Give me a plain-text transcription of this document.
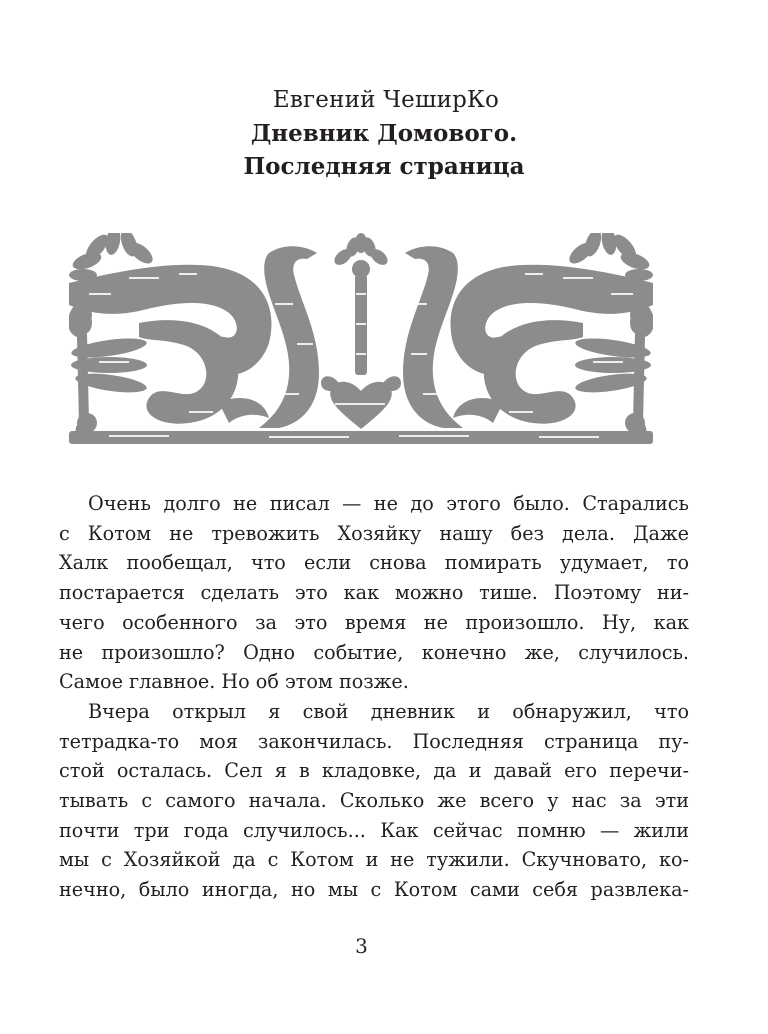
Евгений ЧеширКо
Дневник Домового.
Последняя страница
Очень долго не писал — не до этого было. Старались
с Котом не тревожить Хозяйку нашу без дела. Даже
Халк пообещал, что если снова помирать удумает, то
постарается сделать это как можно тише. Поэтому ни-
чего особенного за это время не произошло. Ну, как
не произошло? Одно событие, конечно же, случилось.
Самое главное. Но об этом позже.
Вчера открыл я свой дневник и обнаружил, что
тетрадка-то моя закончилась. Последняя страница пу-
стой осталась. Сел я в кладовке, да и давай его перечи-
тывать с самого начала. Сколько же всего у нас за эти
почти три года случилось... Как сейчас помню — жили
мы с Хозяйкой да с Котом и не тужили. Скучновато, ко-
нечно, было иногда, но мы с Котом сами себя развлека-
3
